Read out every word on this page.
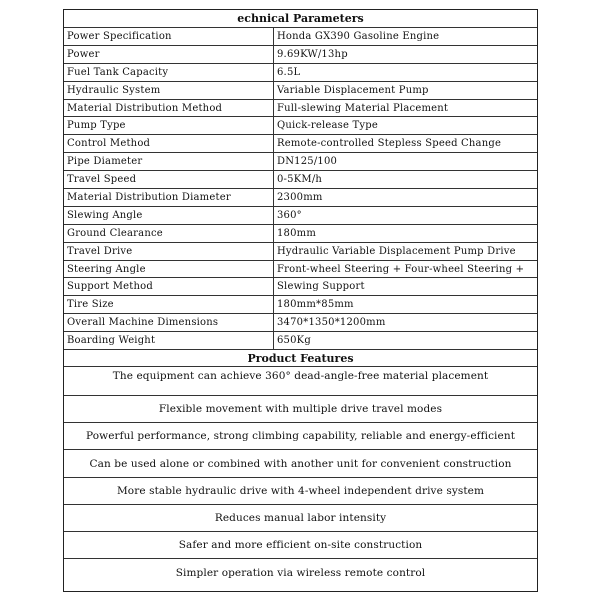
echnical Parameters
Power Specification	Honda GX390 Gasoline Engine
Power	9.69KW/13hp
Fuel Tank Capacity	6.5L
Hydraulic System	Variable Displacement Pump
Material Distribution Method	Full-slewing Material Placement
Pump Type	Quick-release Type
Control Method	Remote-controlled Stepless Speed Change
Pipe Diameter	DN125/100
Travel Speed	0-5KM/h
Material Distribution Diameter	2300mm
Slewing Angle	360°
Ground Clearance	180mm
Travel Drive	Hydraulic Variable Displacement Pump Drive
Steering Angle	Front-wheel Steering + Four-wheel Steering +
Support Method	Slewing Support
Tire Size	180mm*85mm
Overall Machine Dimensions	3470*1350*1200mm
Boarding Weight	650Kg
Product Features
The equipment can achieve 360° dead-angle-free material placement
Flexible movement with multiple drive travel modes
Powerful performance, strong climbing capability, reliable and energy-efficient
Can be used alone or combined with another unit for convenient construction
More stable hydraulic drive with 4-wheel independent drive system
Reduces manual labor intensity
Safer and more efficient on-site construction
Simpler operation via wireless remote control
